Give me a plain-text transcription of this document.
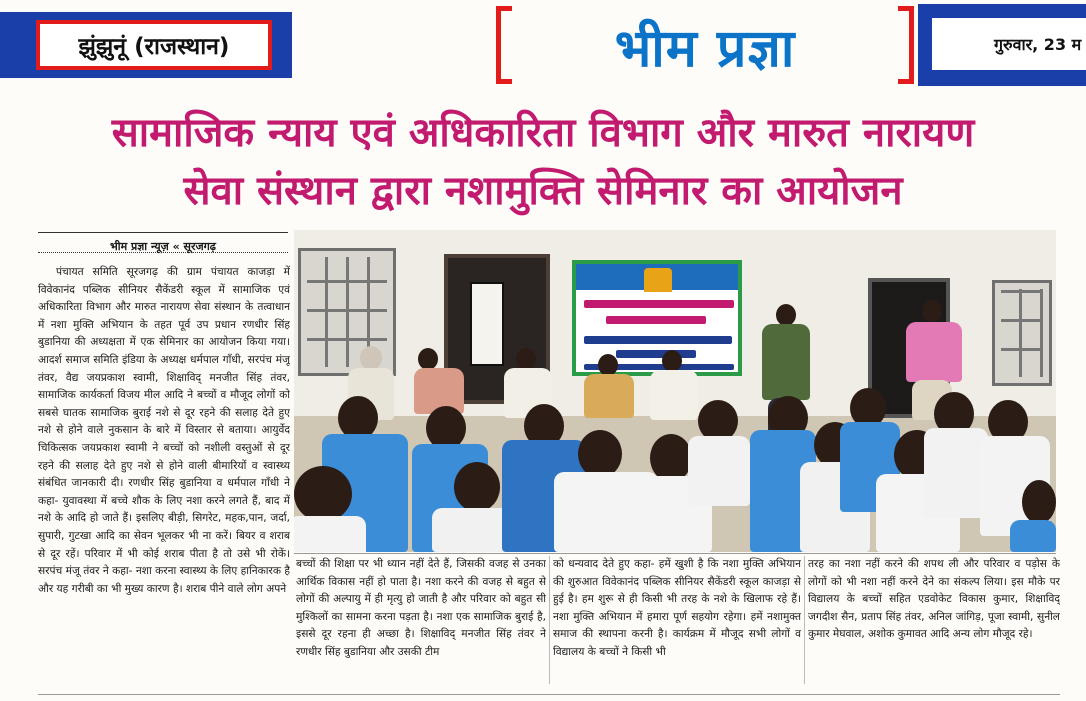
झुंझुनूं (राजस्थान)	भीम प्रज्ञा	गुरुवार, 23 म
सामाजिक न्याय एवं अधिकारिता विभाग और मारुत नारायण
सेवा संस्थान द्वारा नशामुक्ति सेमिनार का आयोजन
भीम प्रज्ञा न्यूज़ « सूरजगढ़

पंचायत समिति सूरजगढ़ की ग्राम पंचायत काजड़ा में विवेकानंद पब्लिक सीनियर सैकेंडरी स्कूल में सामाजिक एवं अधिकारिता विभाग और मारुत नारायण सेवा संस्थान के तत्वाधान में नशा मुक्ति अभियान के तहत पूर्व उप प्रधान रणधीर सिंह बुडानिया की अध्यक्षता में एक सेमिनार का आयोजन किया गया। आदर्श समाज समिति इंडिया के अध्यक्ष धर्मपाल गाँधी, सरपंच मंजू तंवर, वैद्य जयप्रकाश स्वामी, शिक्षाविद् मनजीत सिंह तंवर, सामाजिक कार्यकर्ता विजय मील आदि ने बच्चों व मौजूद लोगों को सबसे घातक सामाजिक बुराई नशे से दूर रहने की सलाह देते हुए नशे से होने वाले नुकसान के बारे में विस्तार से बताया। आयुर्वेद चिकित्सक जयप्रकाश स्वामी ने बच्चों को नशीली वस्तुओं से दूर रहने की सलाह देते हुए नशे से होने वाली बीमारियों व स्वास्थ्य संबंधित जानकारी दी। रणधीर सिंह बुडानिया व धर्मपाल गाँधी ने कहा- युवावस्था में बच्चे शौक के लिए नशा करने लगते हैं, बाद में नशे के आदि हो जाते हैं। इसलिए बीड़ी, सिगरेट, महक,पान, जर्दा, सुपारी, गुटखा आदि का सेवन भूलकर भी ना करें। बियर व शराब से दूर रहें। परिवार में भी कोई शराब पीता है तो उसे भी रोकें। सरपंच मंजू तंवर ने कहा- नशा करना स्वास्थ्य के लिए हानिकारक है और यह गरीबी का भी मुख्य कारण है। शराब पीने वाले लोग अपने

बच्चों की शिक्षा पर भी ध्यान नहीं देते हैं, जिसकी वजह से उनका आर्थिक विकास नहीं हो पाता है। नशा करने की वजह से बहुत से लोगों की अल्पायु में ही मृत्यु हो जाती है और परिवार को बहुत सी मुश्किलों का सामना करना पड़ता है। नशा एक सामाजिक बुराई है, इससे दूर रहना ही अच्छा है। शिक्षाविद् मनजीत सिंह तंवर ने रणधीर सिंह बुडानिया और उसकी टीम

को धन्यवाद देते हुए कहा- हमें खुशी है कि नशा मुक्ति अभियान की शुरुआत विवेकानंद पब्लिक सीनियर सैकेंडरी स्कूल काजड़ा से हुई है। हम शुरू से ही किसी भी तरह के नशे के खिलाफ रहे हैं। नशा मुक्ति अभियान में हमारा पूर्ण सहयोग रहेगा। हमें नशामुक्त समाज की स्थापना करनी है। कार्यक्रम में मौजूद सभी लोगों व विद्यालय के बच्चों ने किसी भी

तरह का नशा नहीं करने की शपथ ली और परिवार व पड़ोस के लोगों को भी नशा नहीं करने देने का संकल्प लिया। इस मौके पर विद्यालय के बच्चों सहित एडवोकेट विकास कुमार, शिक्षाविद् जगदीश सैन, प्रताप सिंह तंवर, अनिल जांगिड़, पूजा स्वामी, सुनील कुमार मेघवाल, अशोक कुमावत आदि अन्य लोग मौजूद रहे।
